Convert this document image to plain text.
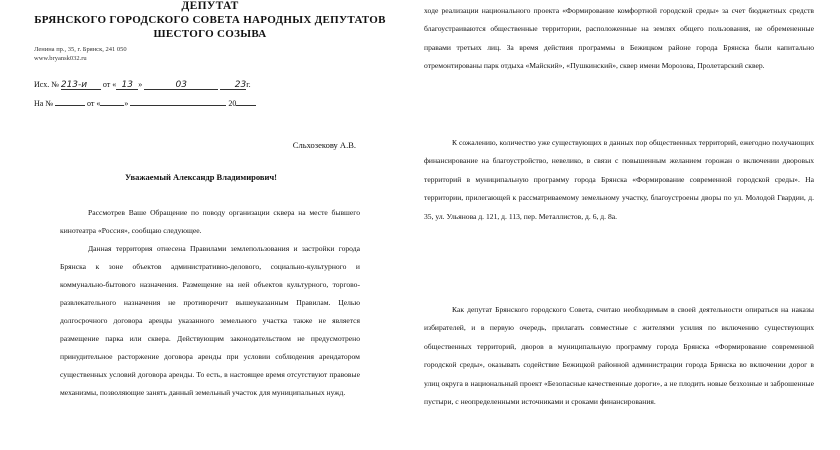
ДЕПУТАТ
БРЯНСКОГО ГОРОДСКОГО СОВЕТА НАРОДНЫХ ДЕПУТАТОВ
ШЕСТОГО СОЗЫВА
Ленина пр., 35, г. Брянск, 241 050
www.bryansk032.ru
Исх. № 213-и от « 13 »	03	23г.
На №	от «	»	20
Сльхозекову А.В.
Уважаемый Александр Владимирович!

Рассмотрев Ваше Обращение по поводу организации сквера на месте бывшего кинотеатра «Россия», сообщаю следующее.

Данная территория отнесена Правилами землепользования и застройки города Брянска к зоне объектов административно-делового, социально-культурного и коммунально-бытового назначения. Размещение на ней объектов культурного, торгово-развлекательного назначения не противоречит вышеуказанным Правилам. Целью долгосрочного договора аренды указанного земельного участка также не является размещение парка или сквера. Действующим законодательством не предусмотрено принудительное расторжение договора аренды при условии соблюдения арендатором существенных условий договора аренды. То есть, в настоящее время отсутствуют правовые механизмы, позволяющие занять данный земельный участок для муниципальных нужд.

ходе реализации национального проекта «Формирование комфортной городской среды» за счет бюджетных средств благоустраиваются общественные территории, расположенные на землях общего пользования, не обремененные правами третьих лиц. За время действия программы в Бежицком районе города Брянска были капитально отремонтированы парк отдыха «Майский», «Пушкинский», сквер имени Морозова, Пролетарский сквер.

К сожалению, количество уже существующих в данных пор общественных территорий, ежегодно получающих финансирование на благоустройство, невелико, в связи с повышенным желанием горожан о включении дворовых территорий в муниципальную программу города Брянска «Формирование современной городской среды». На территории, прилегающей к рассматриваемому земельному участку, благоустроены дворы по ул. Молодой Гвардии, д. 35, ул. Ульянова д. 121, д. 113, пер. Металлистов, д. 6, д. 8а.

Как депутат Брянского городского Совета, считаю необходимым в своей деятельности опираться на наказы избирателей, и в первую очередь, прилагать совместные с жителями усилия по включению существующих общественных территорий, дворов в муниципальную программу города Брянска «Формирование современной городской среды», оказывать содействие Бежицкой районной администрации города Брянска во включении дорог в улиц округа в национальный проект «Безопасные качественные дороги», а не плодить новые безхозные и заброшенные пустыри, с неопределенными источниками и сроками финансирования.
